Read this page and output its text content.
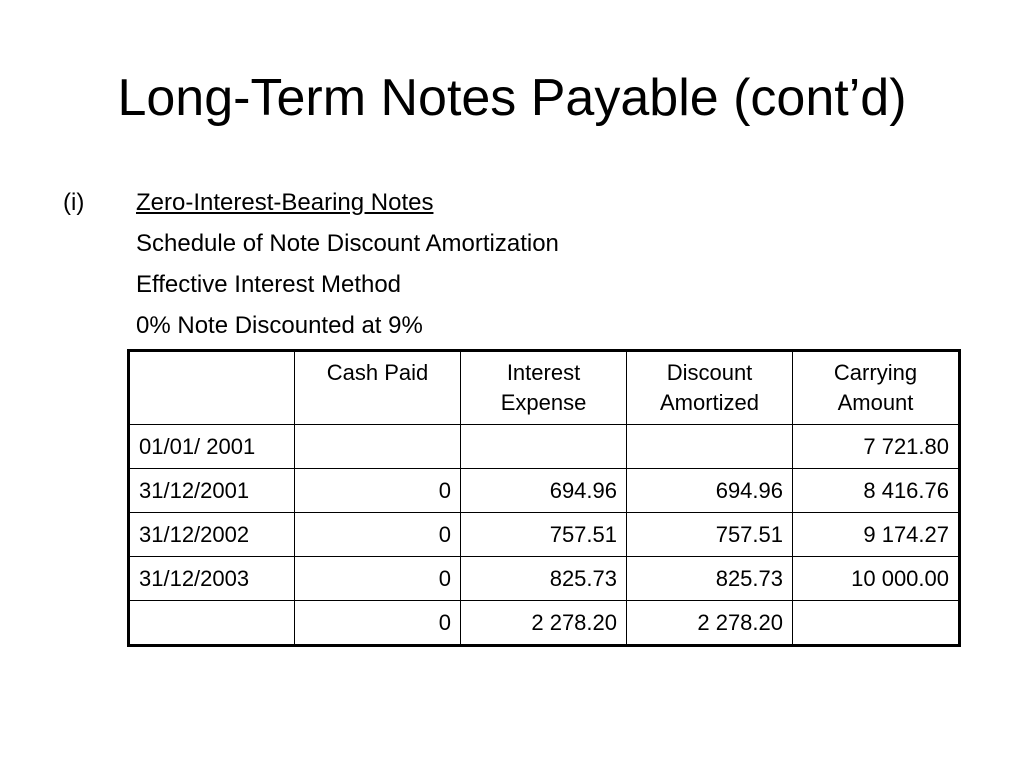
Long-Term Notes Payable (cont’d)
(i) Zero-Interest-Bearing Notes
Schedule of Note Discount Amortization
Effective Interest Method
0% Note Discounted at 9%
	Cash Paid	Interest Expense	Discount Amortized	Carrying Amount
01/01/ 2001				7 721.80
31/12/2001	0	694.96	694.96	8 416.76
31/12/2002	0	757.51	757.51	9 174.27
31/12/2003	0	825.73	825.73	10 000.00
	0	2 278.20	2 278.20	
